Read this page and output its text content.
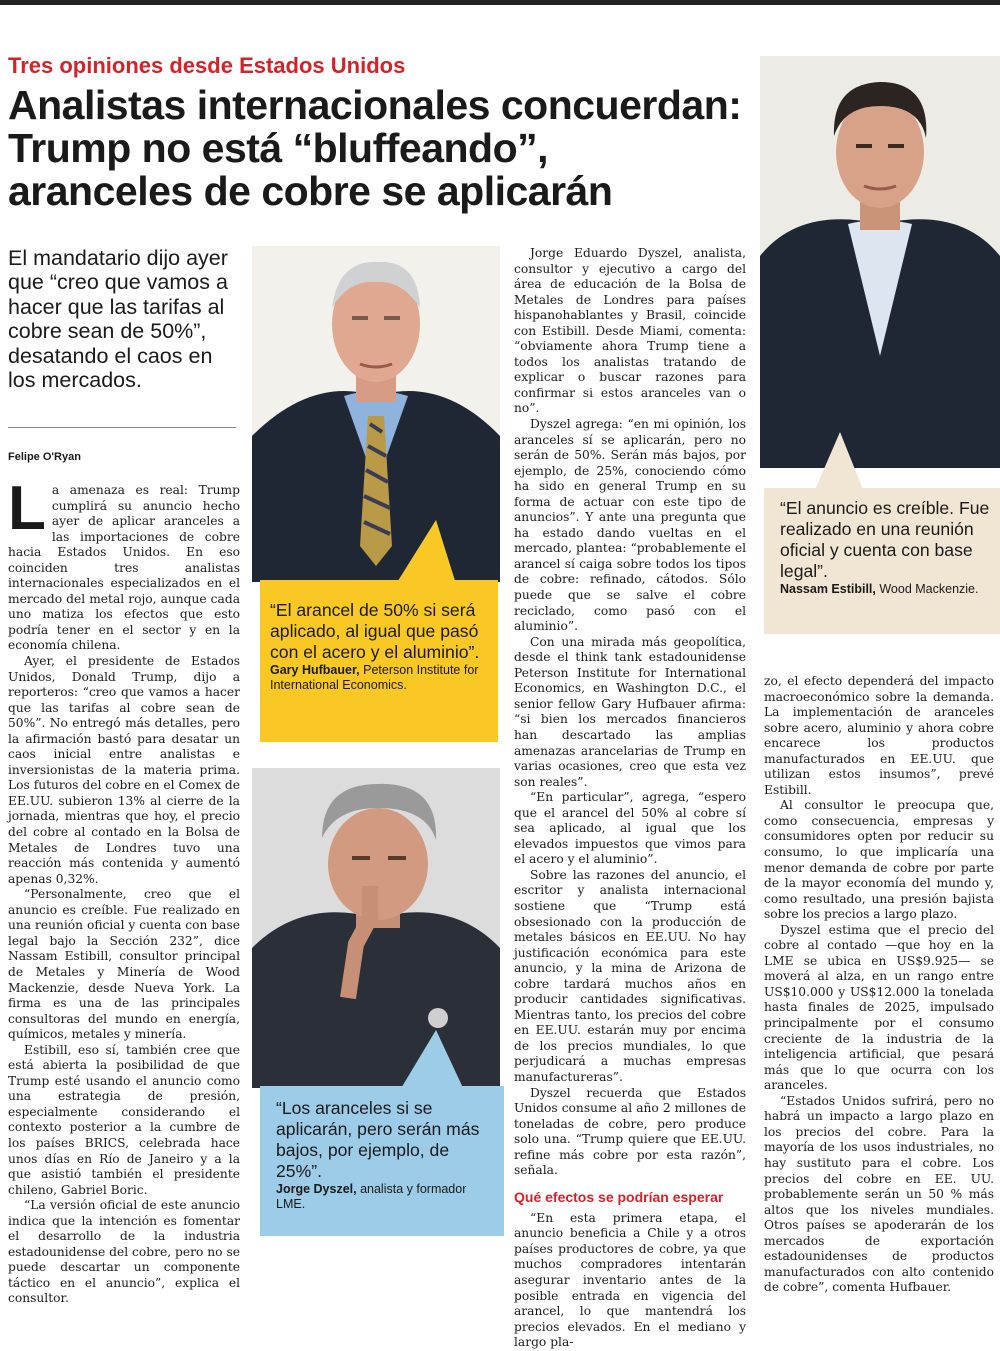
Tres opiniones desde Estados Unidos
Analistas internacionales concuerdan:
Trump no está “bluffeando”,
aranceles de cobre se aplicarán
El mandatario dijo ayer que “creo que vamos a hacer que las tarifas al cobre sean de 50%”, desatando el caos en los mercados.
Felipe O'Ryan

La amenaza es real: Trump cumplirá su anuncio hecho ayer de aplicar aranceles a las importaciones de cobre hacia Estados Unidos. En eso coinciden tres analistas internacionales especializados en el mercado del metal rojo, aunque cada uno matiza los efectos que esto podría tener en el sector y en la economía chilena.

Ayer, el presidente de Estados Unidos, Donald Trump, dijo a reporteros: “creo que vamos a hacer que las tarifas al cobre sean de 50%”. No entregó más detalles, pero la afirmación bastó para desatar un caos inicial entre analistas e inversionistas de la materia prima. Los futuros del cobre en el Comex de EE.UU. subieron 13% al cierre de la jornada, mientras que hoy, el precio del cobre al contado en la Bolsa de Metales de Londres tuvo una reacción más contenida y aumentó apenas 0,32%.

“Personalmente, creo que el anuncio es creíble. Fue realizado en una reunión oficial y cuenta con base legal bajo la Sección 232”, dice Nassam Estibill, consultor principal de Metales y Minería de Wood Mackenzie, desde Nueva York. La firma es una de las principales consultoras del mundo en energía, químicos, metales y minería.

Estibill, eso sí, también cree que está abierta la posibilidad de que Trump esté usando el anuncio como una estrategia de presión, especialmente considerando el contexto posterior a la cumbre de los países BRICS, celebrada hace unos días en Río de Janeiro y a la que asistió también el presidente chileno, Gabriel Boric.

“La versión oficial de este anuncio indica que la intención es fomentar el desarrollo de la industria estadounidense del cobre, pero no se puede descartar un componente táctico en el anuncio”, explica el consultor.

“El arancel de 50% si será aplicado, al igual que pasó con el acero y el aluminio”.
Gary Hufbauer, Peterson Institute for International Economics.
“Los aranceles si se aplicarán, pero serán más bajos, por ejemplo, de 25%”.
Jorge Dyszel, analista y formador LME.

Jorge Eduardo Dyszel, analista, consultor y ejecutivo a cargo del área de educación de la Bolsa de Metales de Londres para países hispanohablantes y Brasil, coincide con Estibill. Desde Miami, comenta: “obviamente ahora Trump tiene a todos los analistas tratando de explicar o buscar razones para confirmar si estos aranceles van o no”.

Dyszel agrega: “en mi opinión, los aranceles sí se aplicarán, pero no serán de 50%. Serán más bajos, por ejemplo, de 25%, conociendo cómo ha sido en general Trump en su forma de actuar con este tipo de anuncios”. Y ante una pregunta que ha estado dando vueltas en el mercado, plantea: “probablemente el arancel sí caiga sobre todos los tipos de cobre: refinado, cátodos. Sólo puede que se salve el cobre reciclado, como pasó con el aluminio”.

Con una mirada más geopolítica, desde el think tank estadounidense Peterson Institute for International Economics, en Washington D.C., el senior fellow Gary Hufbauer afirma: “si bien los mercados financieros han descartado las amplias amenazas arancelarias de Trump en varias ocasiones, creo que esta vez son reales”.

“En particular”, agrega, “espero que el arancel del 50% al cobre sí sea aplicado, al igual que los elevados impuestos que vimos para el acero y el aluminio”.

Sobre las razones del anuncio, el escritor y analista internacional sostiene que “Trump está obsesionado con la producción de metales básicos en EE.UU. No hay justificación económica para este anuncio, y la mina de Arizona de cobre tardará muchos años en producir cantidades significativas. Mientras tanto, los precios del cobre en EE.UU. estarán muy por encima de los precios mundiales, lo que perjudicará a muchas empresas manufactureras”.

Dyszel recuerda que Estados Unidos consume al año 2 millones de toneladas de cobre, pero produce solo una. “Trump quiere que EE.UU. refine más cobre por esta razón”, señala.

Qué efectos se podrían esperar

“En esta primera etapa, el anuncio beneficia a Chile y a otros países productores de cobre, ya que muchos compradores intentarán asegurar inventario antes de la posible entrada en vigencia del arancel, lo que mantendrá los precios elevados. En el mediano y largo pla-

“El anuncio es creíble. Fue realizado en una reunión oficial y cuenta con base legal”.
Nassam Estibill, Wood Mackenzie.

zo, el efecto dependerá del impacto macroeconómico sobre la demanda. La implementación de aranceles sobre acero, aluminio y ahora cobre encarece los productos manufacturados en EE.UU. que utilizan estos insumos”, prevé Estibill.

Al consultor le preocupa que, como consecuencia, empresas y consumidores opten por reducir su consumo, lo que implicaría una menor demanda de cobre por parte de la mayor economía del mundo y, como resultado, una presión bajista sobre los precios a largo plazo.

Dyszel estima que el precio del cobre al contado —que hoy en la LME se ubica en US$9.925— se moverá al alza, en un rango entre US$10.000 y US$12.000 la tonelada hasta finales de 2025, impulsado principalmente por el consumo creciente de la industria de la inteligencia artificial, que pesará más que lo que ocurra con los aranceles.

“Estados Unidos sufrirá, pero no habrá un impacto a largo plazo en los precios del cobre. Para la mayoría de los usos industriales, no hay sustituto para el cobre. Los precios del cobre en EE. UU. probablemente serán un 50 % más altos que los niveles mundiales. Otros países se apoderarán de los mercados de exportación estadounidenses de productos manufacturados con alto contenido de cobre”, comenta Hufbauer.
